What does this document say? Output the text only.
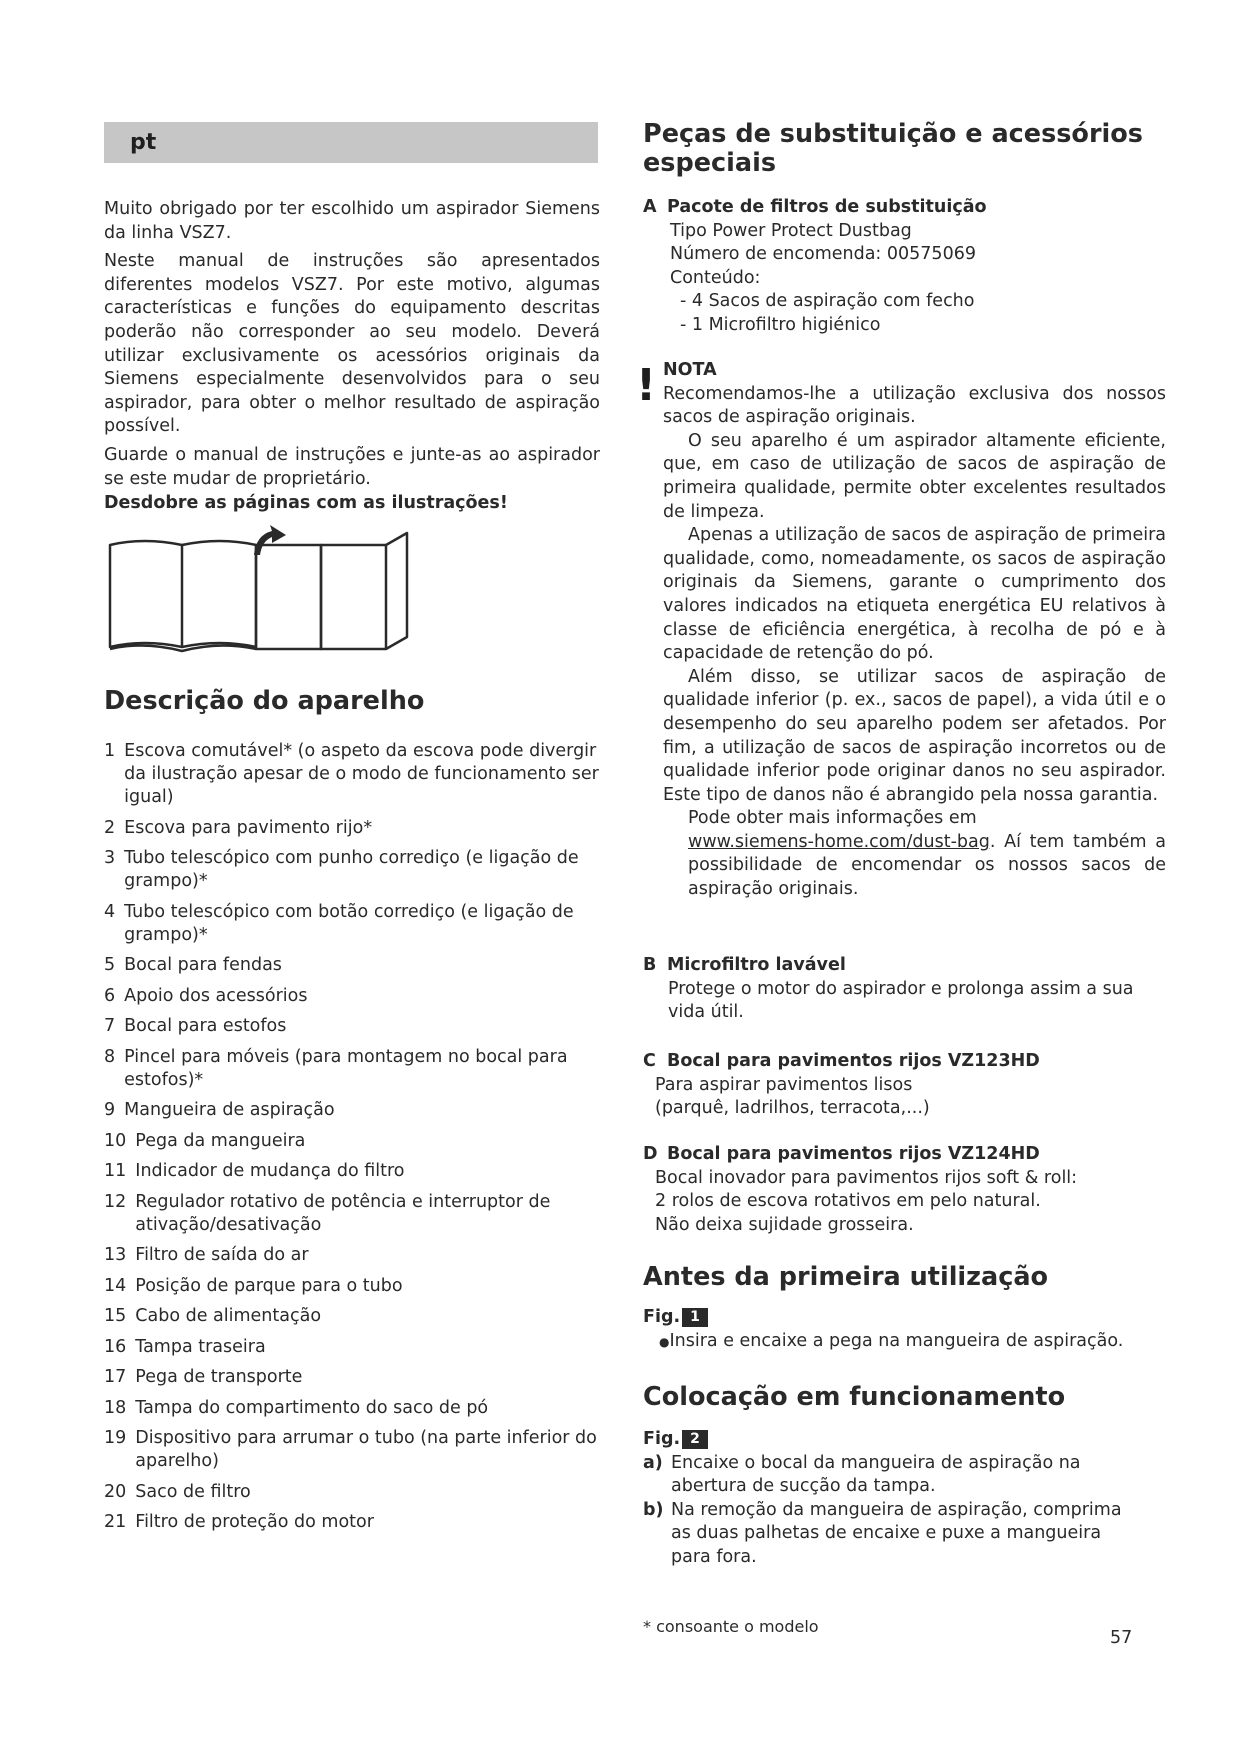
pt

Muito obrigado por ter escolhido um aspirador Siemens da linha VSZ7.

Neste manual de instruções são apresentados diferentes modelos VSZ7. Por este motivo, algumas características e funções do equipamento descritas poderão não corresponder ao seu modelo. Deverá utilizar exclusivamente os acessórios originais da Siemens especialmente desenvolvidos para o seu aspirador, para obter o melhor resultado de aspiração possível.

Guarde o manual de instruções e junte-as ao aspirador se este mudar de proprietário.

Desdobre as páginas com as ilustrações!
Descrição do aparelho
1 Escova comutável* (o aspeto da escova pode divergir da ilustração apesar de o modo de funcionamento ser igual)
2 Escova para pavimento rijo*
3 Tubo telescópico com punho corrediço (e ligação de grampo)*
4 Tubo telescópico com botão corrediço (e ligação de grampo)*
5 Bocal para fendas
6 Apoio dos acessórios
7 Bocal para estofos
8 Pincel para móveis (para montagem no bocal para estofos)*
9 Mangueira de aspiração
10 Pega da mangueira
11 Indicador de mudança do filtro
12 Regulador rotativo de potência e interruptor de ativação/desativação
13 Filtro de saída do ar
14 Posição de parque para o tubo
15 Cabo de alimentação
16 Tampa traseira
17 Pega de transporte
18 Tampa do compartimento do saco de pó
19 Dispositivo para arrumar o tubo (na parte inferior do aparelho)
20 Saco de filtro
21 Filtro de proteção do motor
Peças de substituição e acessórios especiais
A Pacote de filtros de substituição
Tipo Power Protect Dustbag
Número de encomenda: 00575069
Conteúdo:
- 4 Sacos de aspiração com fecho
- 1 Microfiltro higiénico
! NOTA

Recomendamos-lhe a utilização exclusiva dos nossos sacos de aspiração originais.

O seu aparelho é um aspirador altamente eficiente, que, em caso de utilização de sacos de aspiração de primeira qualidade, permite obter excelentes resultados de limpeza.

Apenas a utilização de sacos de aspiração de primeira qualidade, como, nomeadamente, os sacos de aspiração originais da Siemens, garante o cumprimento dos valores indicados na etiqueta energética EU relativos à classe de eficiência energética, à recolha de pó e à capacidade de retenção do pó.

Além disso, se utilizar sacos de aspiração de qualidade inferior (p. ex., sacos de papel), a vida útil e o desempenho do seu aparelho podem ser afetados. Por fim, a utilização de sacos de aspiração incorretos ou de qualidade inferior pode originar danos no seu aspirador. Este tipo de danos não é abrangido pela nossa garantia.

Pode obter mais informações em

www.siemens-home.com/dust-bag. Aí tem também a possibilidade de encomendar os nossos sacos de aspiração originais.

B Microfiltro lavável
Protege o motor do aspirador e prolonga assim a sua vida útil.
C Bocal para pavimentos rijos VZ123HD
Para aspirar pavimentos lisos
(parquê, ladrilhos, terracota,...)
D Bocal para pavimentos rijos VZ124HD
Bocal inovador para pavimentos rijos soft & roll:
2 rolos de escova rotativos em pelo natural.
Não deixa sujidade grosseira.
Antes da primeira utilização
Fig. 1
●Insira e encaixe a pega na mangueira de aspiração.
Colocação em funcionamento
Fig. 2
a) Encaixe o bocal da mangueira de aspiração na abertura de sucção da tampa.
b) Na remoção da mangueira de aspiração, comprima as duas palhetas de encaixe e puxe a mangueira para fora.
* consoante o modelo
57
